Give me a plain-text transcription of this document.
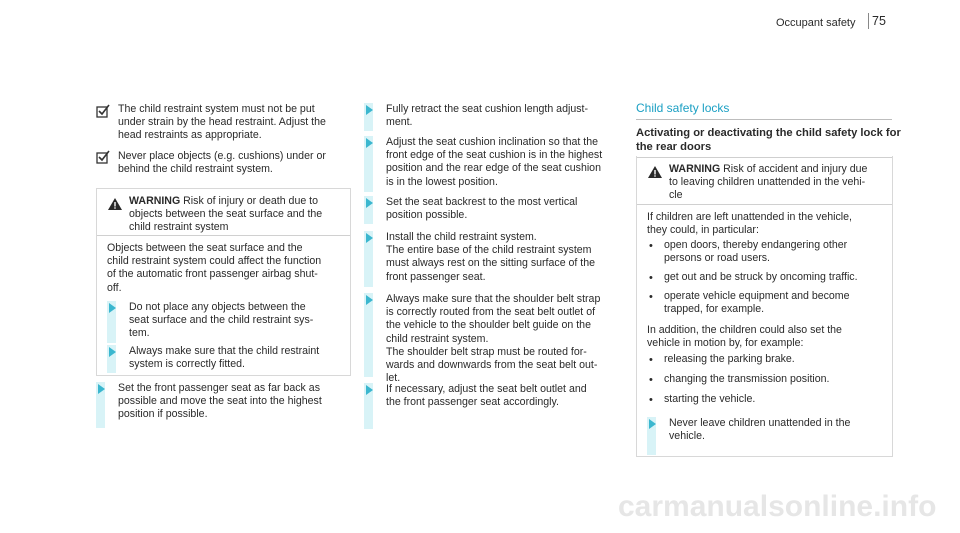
Occupant safety 75
The child restraint system must not be put
under strain by the head restraint. Adjust the
head restraints as appropriate.
Never place objects (e.g. cushions) under or
behind the child restraint system.
WARNING Risk of injury or death due to
objects between the seat surface and the
child restraint system
Objects between the seat surface and the
child restraint system could affect the function
of the automatic front passenger airbag shut-
off.
Do not place any objects between the
seat surface and the child restraint sys-
tem.
Always make sure that the child restraint
system is correctly fitted.
Set the front passenger seat as far back as
possible and move the seat into the highest
position if possible.
Fully retract the seat cushion length adjust-
ment.
Adjust the seat cushion inclination so that the
front edge of the seat cushion is in the highest
position and the rear edge of the seat cushion
is in the lowest position.
Set the seat backrest to the most vertical
position possible.
Install the child restraint system.
The entire base of the child restraint system
must always rest on the sitting surface of the
front passenger seat.
Always make sure that the shoulder belt strap
is correctly routed from the seat belt outlet of
the vehicle to the shoulder belt guide on the
child restraint system.
The shoulder belt strap must be routed for-
wards and downwards from the seat belt out-
let.
If necessary, adjust the seat belt outlet and
the front passenger seat accordingly.
Child safety locks
Activating or deactivating the child safety lock for
the rear doors
WARNING Risk of accident and injury due
to leaving children unattended in the vehi-
cle
If children are left unattended in the vehicle,
they could, in particular:
• open doors, thereby endangering other
persons or road users.
• get out and be struck by oncoming traffic.
• operate vehicle equipment and become
trapped, for example.
In addition, the children could also set the
vehicle in motion by, for example:
• releasing the parking brake.
• changing the transmission position.
• starting the vehicle.
Never leave children unattended in the
vehicle.
carmanualsonline.info
